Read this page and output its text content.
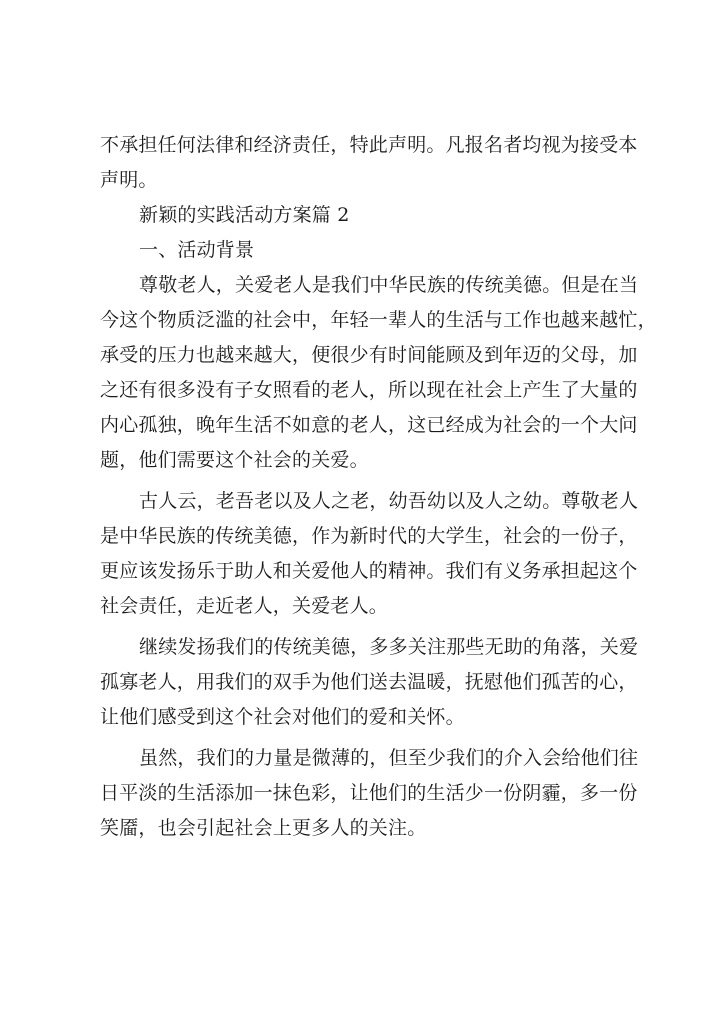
不承担任何法律和经济责任，特此声明。凡报名者均视为接受本
声明。
新颖的实践活动方案篇 2
一、活动背景
尊敬老人，关爱老人是我们中华民族的传统美德。但是在当
今这个物质泛滥的社会中，年轻一辈人的生活与工作也越来越忙，
承受的压力也越来越大，便很少有时间能顾及到年迈的父母，加
之还有很多没有子女照看的老人，所以现在社会上产生了大量的
内心孤独，晚年生活不如意的老人，这已经成为社会的一个大问
题，他们需要这个社会的关爱。
古人云，老吾老以及人之老，幼吾幼以及人之幼。尊敬老人
是中华民族的传统美德，作为新时代的大学生，社会的一份子，
更应该发扬乐于助人和关爱他人的精神。我们有义务承担起这个
社会责任，走近老人，关爱老人。
继续发扬我们的传统美德，多多关注那些无助的角落，关爱
孤寡老人，用我们的双手为他们送去温暖，抚慰他们孤苦的心，
让他们感受到这个社会对他们的爱和关怀。
虽然，我们的力量是微薄的，但至少我们的介入会给他们往
日平淡的生活添加一抹色彩，让他们的生活少一份阴霾，多一份
笑靥，也会引起社会上更多人的关注。
